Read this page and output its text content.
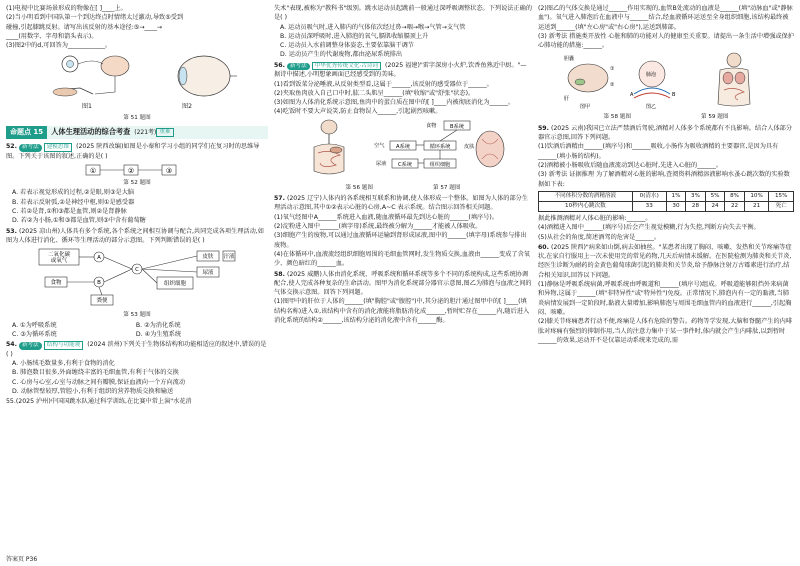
(1)电视中比赛场景形成的物像在[ ]____上。

(2)当小明看到中国队第一个到达终点时情绪太过激动,导致⑤受到

碰撞,引起膝跳反射。请写出该反射的基本途径:⑤→____→

____(用数字、字母和箭头表示)。

(3)图2中的d,可回答为____________。

图1	图2

第 51 题图

命题点 15	人体生理活动的综合考查 (221考) 重难

52. 新考法 建模思维 (2025 陕西改编)如图是小秦和学习小组的同学们在复习时的思维导图。下列关于该图的叙述,正确的是( )

①	②	③

第 52 题图

A. 若表示视觉形成的过程,②是眼,则③是大脑

B. 若表示反射弧,②是神经中枢,则①是感受器

C. 若②是肾,①和③都是血管,则②是肾静脉

D. 若②为小肠,①和③都是血管,则③中含有葡萄糖

53. (2025 凉山州)人体具有多个系统,各个系统之间相互协调与配合,共同完成各项生理活动,如图为人体进行消化、循环等生理活动的部分示意图。下列判断错误的是( )

二氧化碳
或氧气
食物
A
B
C
组织细胞
皮肤
尿液
汗液
粪便

第 53 题图

A. ①为呼吸系统	B. ②为消化系统

C. ③为循环系统	D. ④为生殖系统

54. 新考法 结构与功能观 (2024 滨州)下列关于生物体结构和功能相适应的叙述中,错误的是( )

A. 小肠绒毛数量多,有利于食物的消化

B. 肺泡数目很多,外面缠绕丰富的毛细血管,有利于气体的交换

C. 心房与心室,心室与动脉之间有瓣膜,保证血液向一个方向流动

D. 动脉管壁较厚,管腔小,有利于组织的营养物质交换和输送

55.(2025 泸州)中国国跳水队通过科学训练,在比赛中常上演"水花消

失术"表现,被称为"教科书"级别。跳水运动员起跳前一般通过深呼吸调整状态。下列说法正确的是( )

A. 运动员吸气时,进入肺内的气体依次经过鼻→咽→喉→气管→支气管

B. 运动员深呼吸时,进入肺泡的氧气,膈肌收缩膈顶上升

C. 运动员入水前调整身体姿态,主要依靠脑干调节

D. 运动员产生的代谢废物,都由泌尿系统排出

56. 新考法 中华优秀传统文化·古诗词 (2025 福建)"雷字深房小火炉,饮香鱼熟近中厨。"—据诗中描述,小明想象画面已经感受到的美味。

(1)看到饭菜分泌唾液,从反射类型看,这属于______,该反射的感受器位于______。

(2)夹取鱼肉放入自己口中时,肱二头肌呈______(填"收缩"或"舒张"状态)。

(3)如图为人体消化系统示意图,鱼肉中的蛋白质在图中的[ ]____内被彻底消化为______。

(4)吃饭时不要大声说笑,防止食物误入______,引起剧烈咳嗽。

食物	B系统
空气 A系统	循环系统	皮肤
尿液 C系统	组织细胞
第 56 题图	第 57 题图

57. (2025 辽宁)人体内的各系统相互联系和协调,使人体形成一个整体。如图为人体的部分生理活动示意图,其中①②表示心脏的心房,A~C 表示系统。结合图示回答相关问题。

(1)氧气经图中A______系统进入血液,随血液循环最先到达心脏的______(填序号)。

(2)淀粉进入图中______(填字母)系统,最终被分解为______才能被人体吸收。

(3)细胞产生的废物,可以通过血液循环运输到肾形成尿液,图中的______(填字母)系统参与排出废物。

(4)在体循环中,血液流经组织细胞周围的毛细血管网时,发生物质交换,血液由______变成了含氧少、颜色暗红的______血。

58. (2025 威鹏)人体由消化系统、呼吸系统和循环系统等多个不同的系统构成,这些系统协调配合,使人完成各种复杂的生命活动。图甲为消化系统部分器官示意图,图乙为肺泡与血液之间的气体交换示意图。回答下列问题。

(1)图甲中的肝位于人体的______(填"胸腔"或"腹腔")中,其分泌的胆汁通过图甲中的[ ]____(填结构名称)进入①,该结构中含有的消化液能将脂肪消化成______,暂时贮存在______内,随后进入消化系统的结构②______,该结构分泌的消化液中含有______酶。

(2)图乙的气体交换是通过______作用实现的,血管B处流动的血液是______(填"动脉血"或"静脉血")。氧气进入肺泡后在血液中与______结合,经血液循环运送至全身组织细胞,该结构最终被运送到______(填"左心房"或"右心房"),运送到肺部。

(3) 新考法 措施类开放性 心脏和肺的功能对人的健康至关重要。请提出一条生活中增强或保护心肺功能的措施:______。

胆囊
①
②
肝
图甲
肺泡
A	B
图乙
第 58 题图	第 59 题图

59. (2025 云南)我国已立法严禁酒后驾驶,酒精对人体多个系统都有不良影响。结合人体部分器官示意图,回答下列问题。

(1)饮酒后酒精由______(填序号)和______吸收,小肠作为吸收酒精的主要器官,是因为具有______(填小肠的结构)。

(2)酒精被小肠吸收后随血液流动到达心脏时,先进入心脏的______。

(3) 新考法 证据推理 为了解酒精对心脏的影响,查阅资料酒精溶液影响水蚤心跳次数的实验数据如下表:

不同体积分数的酒精溶液	0(清水)	1%	3%	5%	8%	10%	15%
10秒内心跳次数	33	30	28	24	22	21	死亡

据此推测酒精对人体心脏的影响:______。

(4)酒精进入图中______(填序号)后会产生视觉模糊,行为失控,判断方向失去平衡。

(5)从社会的角度,简述酒驾的危害是______。

60. (2025 陕西)"病来如山倒,病去如抽丝。"某患者出现了胸闷、咳嗽、发热和关节疼痛等症状,在家自行服用上一次未使用完的常见药物,几天后病情未缓解。在医院检测为肺炎和关节炎,经医生诊断为耐药的金黄色葡萄球菌引起的肺炎和关节炎,给予静脉注射万古霉素进行治疗,结合相关知识,回答以下问题。

(1)静脉是呼吸系统病菌,呼吸系统由呼吸道和______(填序号)组成。呼吸道能够阻挡外来病菌和异物,这属于______(填"非特异性"或"特异性")免疫。正常情况下,肺泡内有一定的黏液,当肺炎病情发展到一定阶段时,黏液大量增加,影响肺泡与周围毛细血管内的血液进行______,引起胸闷、咳嗽。

(2)膝关节疼痛患者行动不便,疼痛是人体有危险的警告。药物等学发现,大脑和脊髓产生的内啡肽对疼痛有强烈的抑制作用,当人的注意力集中于某一事件时,体内就会产生内啡肽,以到暂时______的效果,运动开不是仅靠运动系统来完成的,需

答案页 P36
